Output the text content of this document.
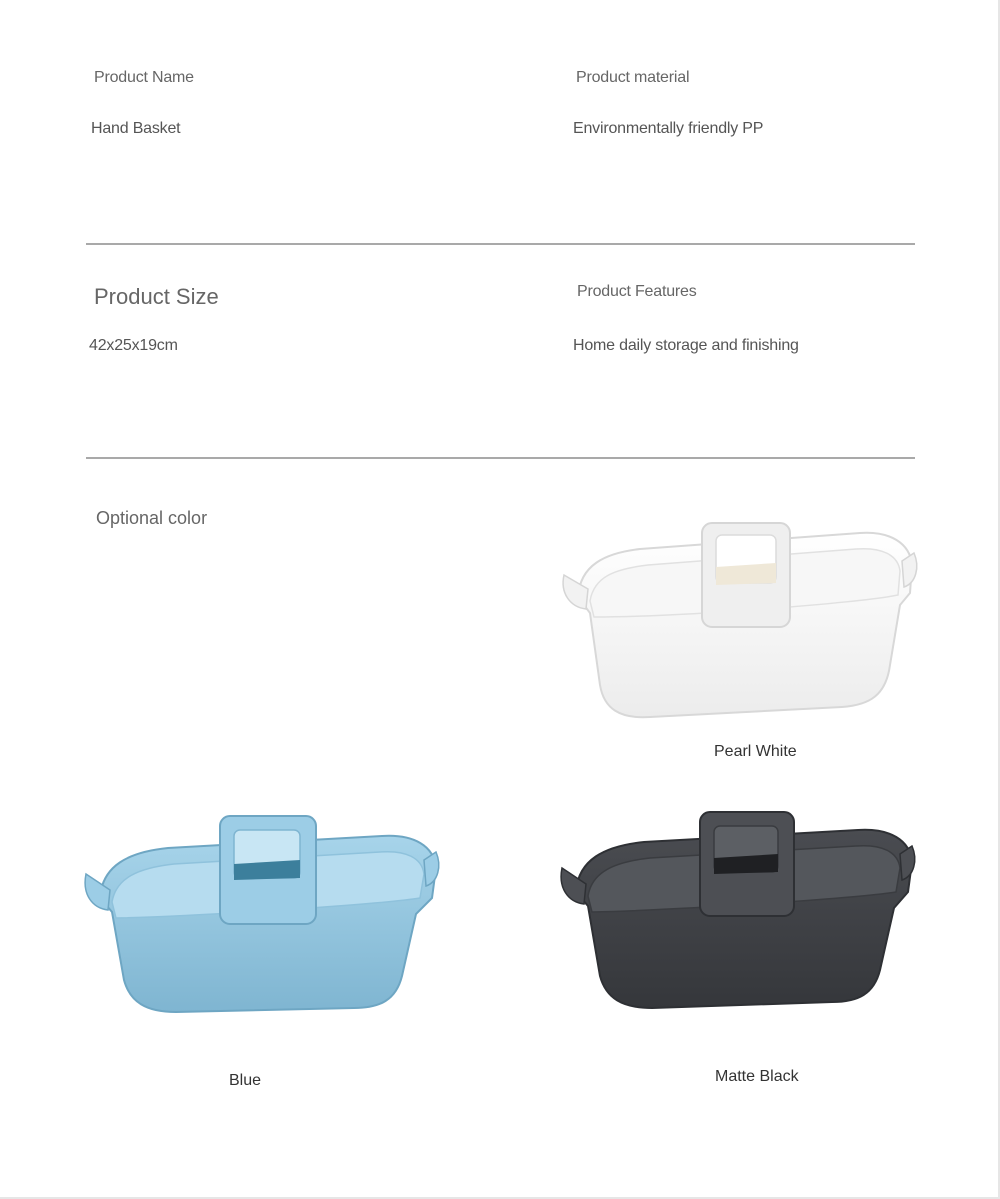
Product Name
Hand Basket
Product material
Environmentally friendly PP
Product Size
42x25x19cm
Product Features
Home daily storage and finishing
Optional color
Pearl White
Blue	Matte Black
